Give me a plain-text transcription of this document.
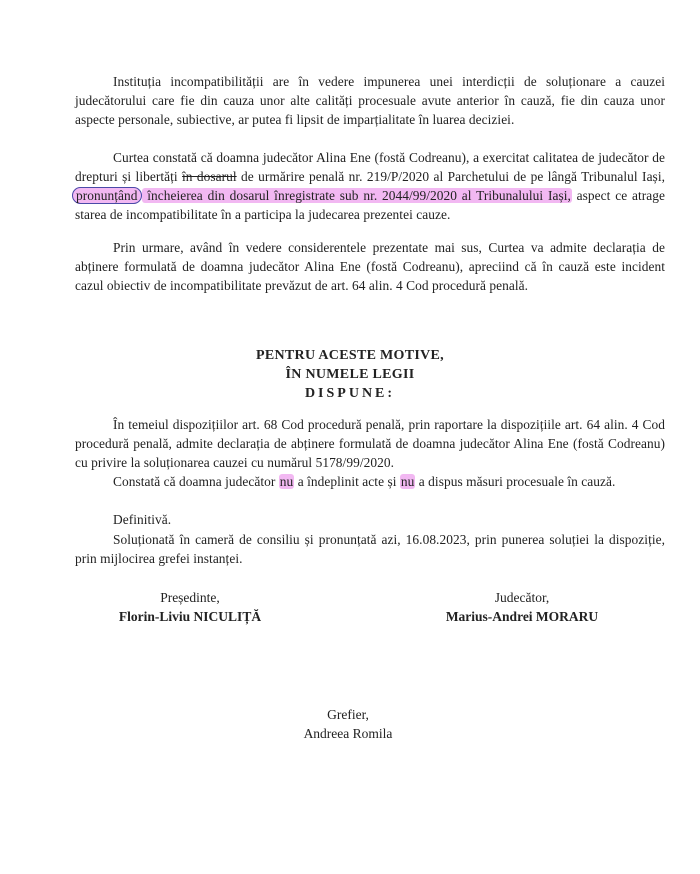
Instituția incompatibilității are în vedere impunerea unei interdicții de soluționare a cauzei judecătorului care fie din cauza unor alte calități procesuale avute anterior în cauză, fie din cauza unor aspecte personale, subiective, ar putea fi lipsit de imparțialitate în luarea deciziei.

Curtea constată că doamna judecător Alina Ene (fostă Codreanu), a exercitat calitatea de judecător de drepturi și libertăți în dosarul de urmărire penală nr. 219/P/2020 al Parchetului de pe lângă Tribunalul Iași, pronunțând încheierea din dosarul înregistrate sub nr. 2044/99/2020 al Tribunalului Iași, aspect ce atrage starea de incompatibilitate în a participa la judecarea prezentei cauze.

Prin urmare, având în vedere considerentele prezentate mai sus, Curtea va admite declarația de abținere formulată de doamna judecător Alina Ene (fostă Codreanu), apreciind că în cauză este incident cazul obiectiv de incompatibilitate prevăzut de art. 64 alin. 4 Cod procedură penală.

PENTRU ACESTE MOTIVE,
ÎN NUMELE LEGII
DISPUNE:

În temeiul dispozițiilor art. 68 Cod procedură penală, prin raportare la dispozițiile art. 64 alin. 4 Cod procedură penală, admite declarația de abținere formulată de doamna judecător Alina Ene (fostă Codreanu) cu privire la soluționarea cauzei cu numărul 5178/99/2020.

Constată că doamna judecător nu a îndeplinit acte și nu a dispus măsuri procesuale în cauză.

Definitivă.

Soluționată în cameră de consiliu și pronunțată azi, 16.08.2023, prin punerea soluției la dispoziție, prin mijlocirea grefei instanței.

Președinte,
Florin-Liviu NICULIȚĂ
Judecător,
Marius-Andrei MORARU
Grefier,
Andreea Romila
